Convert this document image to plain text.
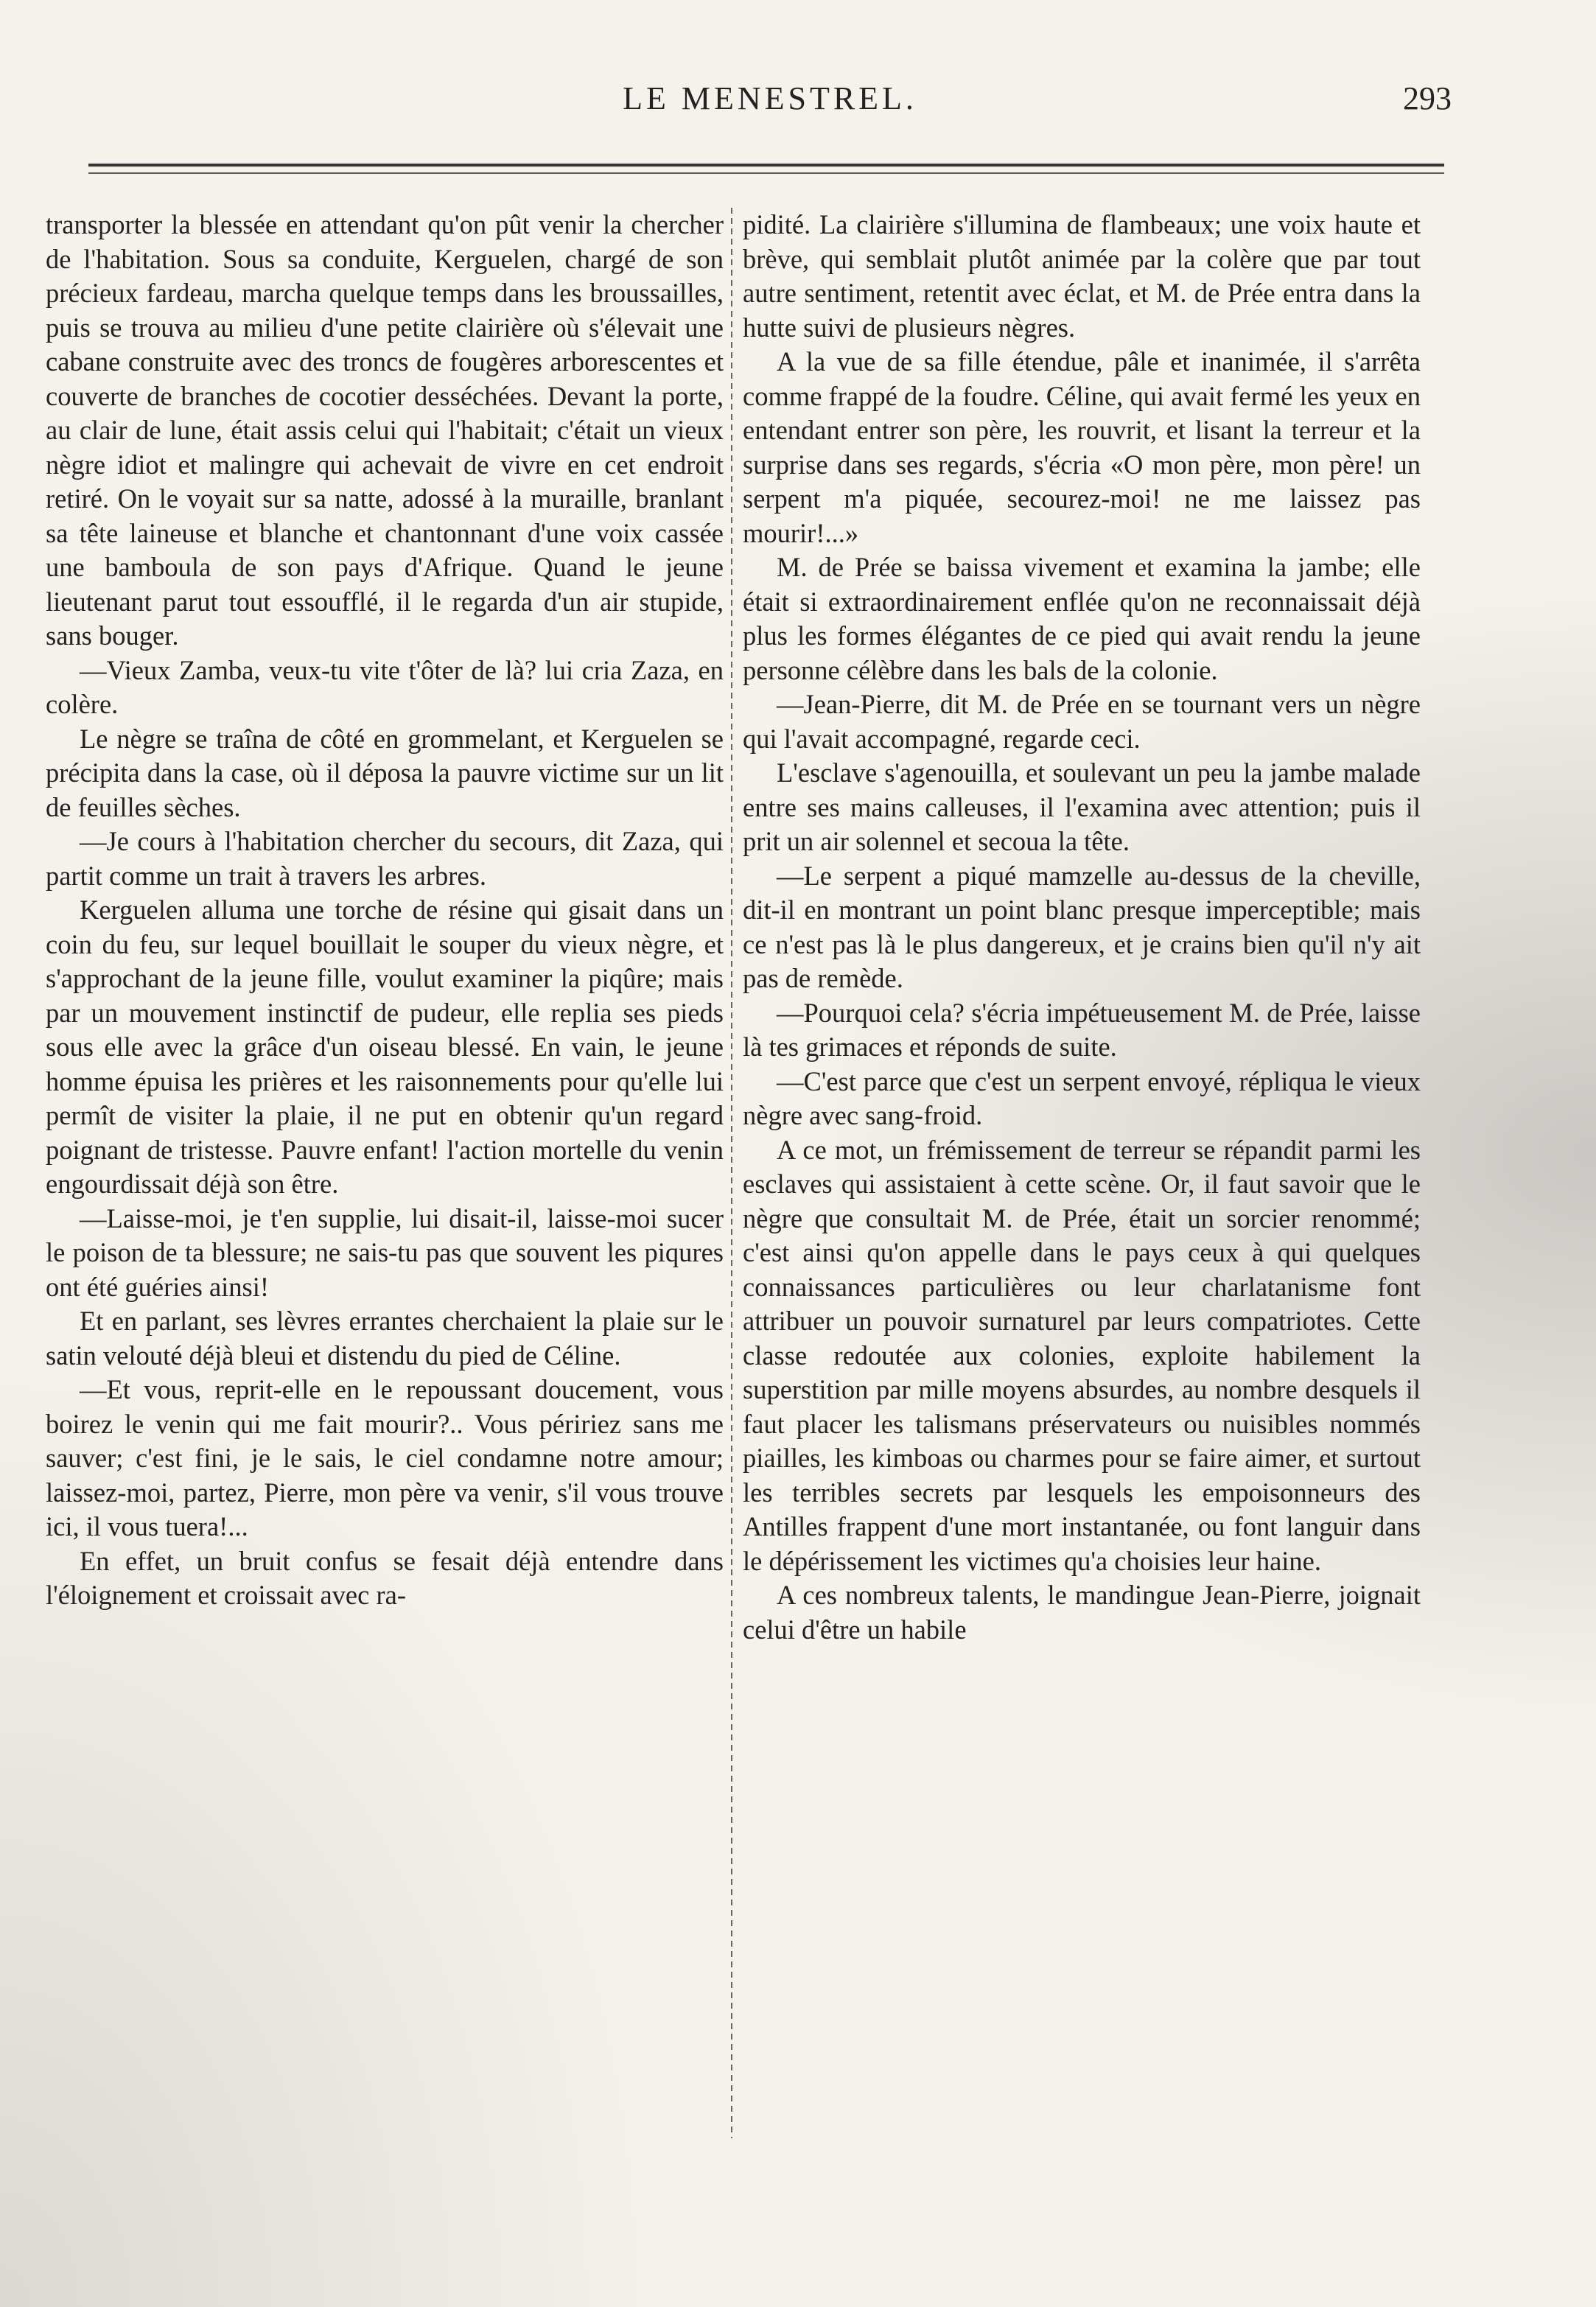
LE MENESTREL.	293

transporter la blessée en attendant qu'on pût venir la chercher de l'habitation. Sous sa conduite, Kerguelen, chargé de son précieux fardeau, marcha quelque temps dans les broussailles, puis se trouva au milieu d'une petite clairière où s'élevait une cabane construite avec des troncs de fougères arborescentes et couverte de branches de cocotier desséchées. Devant la porte, au clair de lune, était assis celui qui l'habitait; c'était un vieux nègre idiot et malingre qui achevait de vivre en cet endroit retiré. On le voyait sur sa natte, adossé à la muraille, branlant sa tête laineuse et blanche et chantonnant d'une voix cassée une bamboula de son pays d'Afrique. Quand le jeune lieutenant parut tout essoufflé, il le regarda d'un air stupide, sans bouger.

—Vieux Zamba, veux-tu vite t'ôter de là? lui cria Zaza, en colère.

Le nègre se traîna de côté en grommelant, et Kerguelen se précipita dans la case, où il déposa la pauvre victime sur un lit de feuilles sèches.

—Je cours à l'habitation chercher du secours, dit Zaza, qui partit comme un trait à travers les arbres.

Kerguelen alluma une torche de résine qui gisait dans un coin du feu, sur lequel bouillait le souper du vieux nègre, et s'approchant de la jeune fille, voulut examiner la piqûre; mais par un mouvement instinctif de pudeur, elle replia ses pieds sous elle avec la grâce d'un oiseau blessé. En vain, le jeune homme épuisa les prières et les raisonnements pour qu'elle lui permît de visiter la plaie, il ne put en obtenir qu'un regard poignant de tristesse. Pauvre enfant! l'action mortelle du venin engourdissait déjà son être.

—Laisse-moi, je t'en supplie, lui disait-il, laisse-moi sucer le poison de ta blessure; ne sais-tu pas que souvent les piqures ont été guéries ainsi!

Et en parlant, ses lèvres errantes cherchaient la plaie sur le satin velouté déjà bleui et distendu du pied de Céline.

—Et vous, reprit-elle en le repoussant doucement, vous boirez le venin qui me fait mourir?.. Vous péririez sans me sauver; c'est fini, je le sais, le ciel condamne notre amour; laissez-moi, partez, Pierre, mon père va venir, s'il vous trouve ici, il vous tuera!...

En effet, un bruit confus se fesait déjà entendre dans l'éloignement et croissait avec ra-

pidité. La clairière s'illumina de flambeaux; une voix haute et brève, qui semblait plutôt animée par la colère que par tout autre sentiment, retentit avec éclat, et M. de Prée entra dans la hutte suivi de plusieurs nègres.

A la vue de sa fille étendue, pâle et inanimée, il s'arrêta comme frappé de la foudre. Céline, qui avait fermé les yeux en entendant entrer son père, les rouvrit, et lisant la terreur et la surprise dans ses regards, s'écria «O mon père, mon père! un serpent m'a piquée, secourez-moi! ne me laissez pas mourir!...»

M. de Prée se baissa vivement et examina la jambe; elle était si extraordinairement enflée qu'on ne reconnaissait déjà plus les formes élégantes de ce pied qui avait rendu la jeune personne célèbre dans les bals de la colonie.

—Jean-Pierre, dit M. de Prée en se tournant vers un nègre qui l'avait accompagné, regarde ceci.

L'esclave s'agenouilla, et soulevant un peu la jambe malade entre ses mains calleuses, il l'examina avec attention; puis il prit un air solennel et secoua la tête.

—Le serpent a piqué mamzelle au-dessus de la cheville, dit-il en montrant un point blanc presque imperceptible; mais ce n'est pas là le plus dangereux, et je crains bien qu'il n'y ait pas de remède.

—Pourquoi cela? s'écria impétueusement M. de Prée, laisse là tes grimaces et réponds de suite.

—C'est parce que c'est un serpent envoyé, répliqua le vieux nègre avec sang-froid.

A ce mot, un frémissement de terreur se répandit parmi les esclaves qui assistaient à cette scène. Or, il faut savoir que le nègre que consultait M. de Prée, était un sorcier renommé; c'est ainsi qu'on appelle dans le pays ceux à qui quelques connaissances particulières ou leur charlatanisme font attribuer un pouvoir surnaturel par leurs compatriotes. Cette classe redoutée aux colonies, exploite habilement la superstition par mille moyens absurdes, au nombre desquels il faut placer les talismans préservateurs ou nuisibles nommés piailles, les kimboas ou charmes pour se faire aimer, et surtout les terribles secrets par lesquels les empoisonneurs des Antilles frappent d'une mort instantanée, ou font languir dans le dépérissement les victimes qu'a choisies leur haine.

A ces nombreux talents, le mandingue Jean-Pierre, joignait celui d'être un habile
